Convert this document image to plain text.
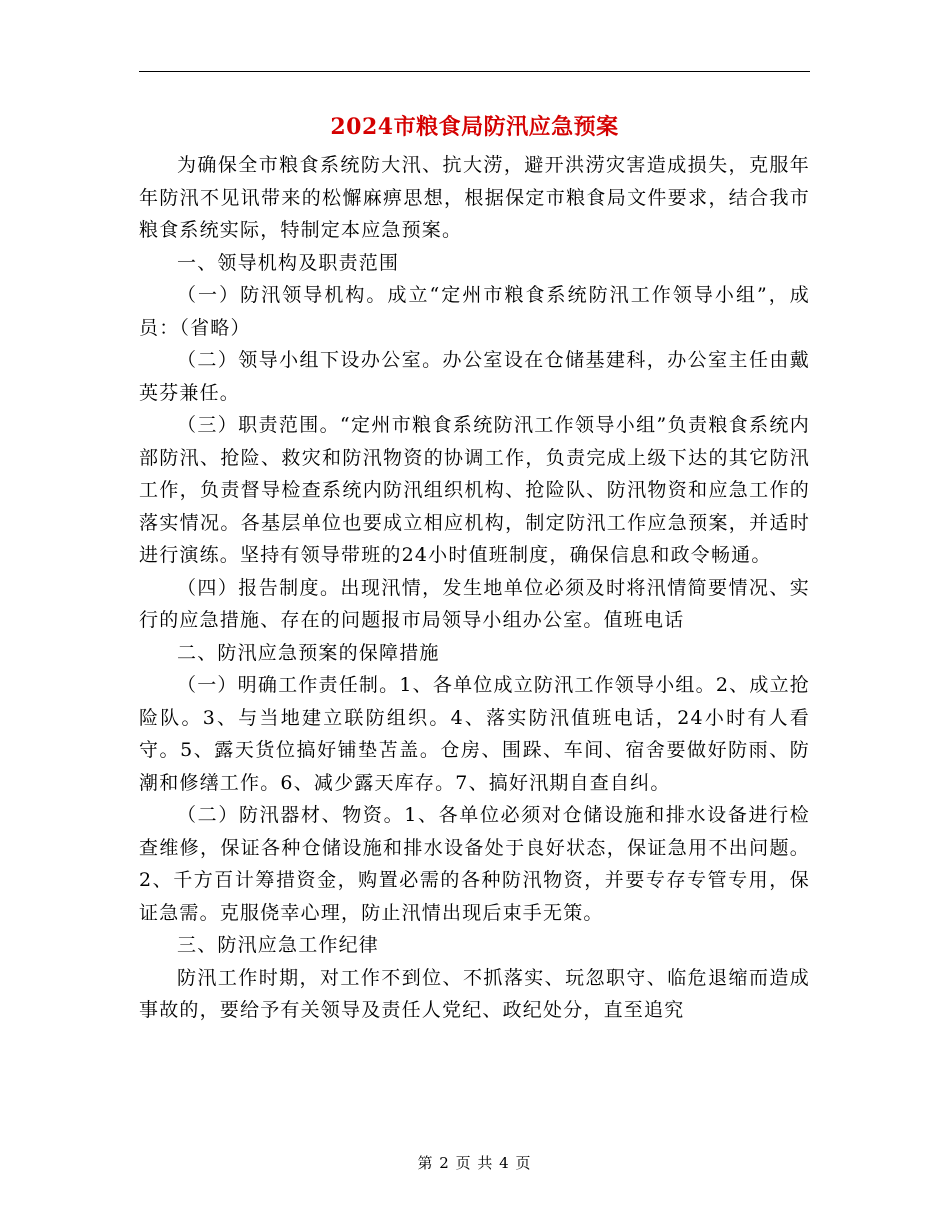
2024市粮食局防汛应急预案

为确保全市粮食系统防大汛、抗大涝，避开洪涝灾害造成损失，克服年年防汛不见讯带来的松懈麻痹思想，根据保定市粮食局文件要求，结合我市粮食系统实际，特制定本应急预案。

一、领导机构及职责范围

（一）防汛领导机构。成立“定州市粮食系统防汛工作领导小组”，成员：（省略）

（二）领导小组下设办公室。办公室设在仓储基建科，办公室主任由戴英芬兼任。

（三）职责范围。“定州市粮食系统防汛工作领导小组”负责粮食系统内部防汛、抢险、救灾和防汛物资的协调工作，负责完成上级下达的其它防汛工作，负责督导检查系统内防汛组织机构、抢险队、防汛物资和应急工作的落实情况。各基层单位也要成立相应机构，制定防汛工作应急预案，并适时进行演练。坚持有领导带班的24小时值班制度，确保信息和政令畅通。

（四）报告制度。出现汛情，发生地单位必须及时将汛情简要情况、实行的应急措施、存在的问题报市局领导小组办公室。值班电话

二、防汛应急预案的保障措施

（一）明确工作责任制。1、各单位成立防汛工作领导小组。2、成立抢险队。3、与当地建立联防组织。4、落实防汛值班电话，24小时有人看守。5、露天货位搞好铺垫苫盖。仓房、围跺、车间、宿舍要做好防雨、防潮和修缮工作。6、减少露天库存。7、搞好汛期自查自纠。

（二）防汛器材、物资。1、各单位必须对仓储设施和排水设备进行检查维修，保证各种仓储设施和排水设备处于良好状态，保证急用不出问题。2、千方百计筹措资金，购置必需的各种防汛物资，并要专存专管专用，保证急需。克服侥幸心理，防止汛情出现后束手无策。

三、防汛应急工作纪律

防汛工作时期，对工作不到位、不抓落实、玩忽职守、临危退缩而造成事故的，要给予有关领导及责任人党纪、政纪处分，直至追究

第 2 页 共 4 页
